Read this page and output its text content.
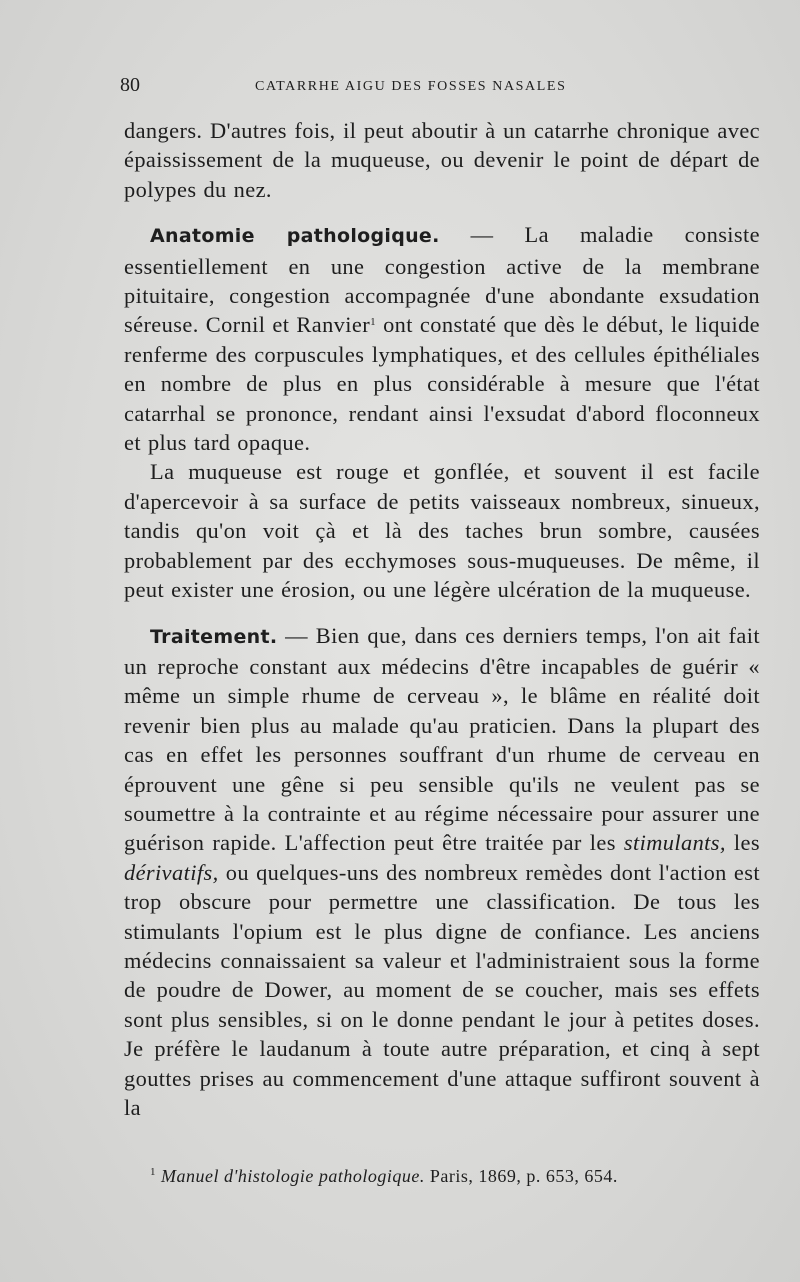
80	CATARRHE AIGU DES FOSSES NASALES

dangers. D'autres fois, il peut aboutir à un catarrhe chronique avec épaississement de la muqueuse, ou devenir le point de départ de polypes du nez.

Anatomie pathologique. — La maladie consiste essentiellement en une congestion active de la membrane pituitaire, congestion accompagnée d'une abondante exsudation séreuse. Cornil et Ranvier$^1$ ont constaté que dès le début, le liquide renferme des corpuscules lymphatiques, et des cellules épithéliales en nombre de plus en plus considérable à mesure que l'état catarrhal se prononce, rendant ainsi l'exsudat d'abord floconneux et plus tard opaque.

La muqueuse est rouge et gonflée, et souvent il est facile d'apercevoir à sa surface de petits vaisseaux nombreux, sinueux, tandis qu'on voit çà et là des taches brun sombre, causées probablement par des ecchymoses sous-muqueuses. De même, il peut exister une érosion, ou une légère ulcération de la muqueuse.

Traitement. — Bien que, dans ces derniers temps, l'on ait fait un reproche constant aux médecins d'être incapables de guérir « même un simple rhume de cerveau », le blâme en réalité doit revenir bien plus au malade qu'au praticien. Dans la plupart des cas en effet les personnes souffrant d'un rhume de cerveau en éprouvent une gêne si peu sensible qu'ils ne veulent pas se soumettre à la contrainte et au régime nécessaire pour assurer une guérison rapide. L'affection peut être traitée par les stimulants, les dérivatifs, ou quelques-uns des nombreux remèdes dont l'action est trop obscure pour permettre une classification. De tous les stimulants l'opium est le plus digne de confiance. Les anciens médecins connaissaient sa valeur et l'administraient sous la forme de poudre de Dower, au moment de se coucher, mais ses effets sont plus sensibles, si on le donne pendant le jour à petites doses. Je préfère le laudanum à toute autre préparation, et cinq à sept gouttes prises au commencement d'une attaque suffiront souvent à la

$^1$ Manuel d'histologie pathologique. Paris, 1869, p. 653, 654.
